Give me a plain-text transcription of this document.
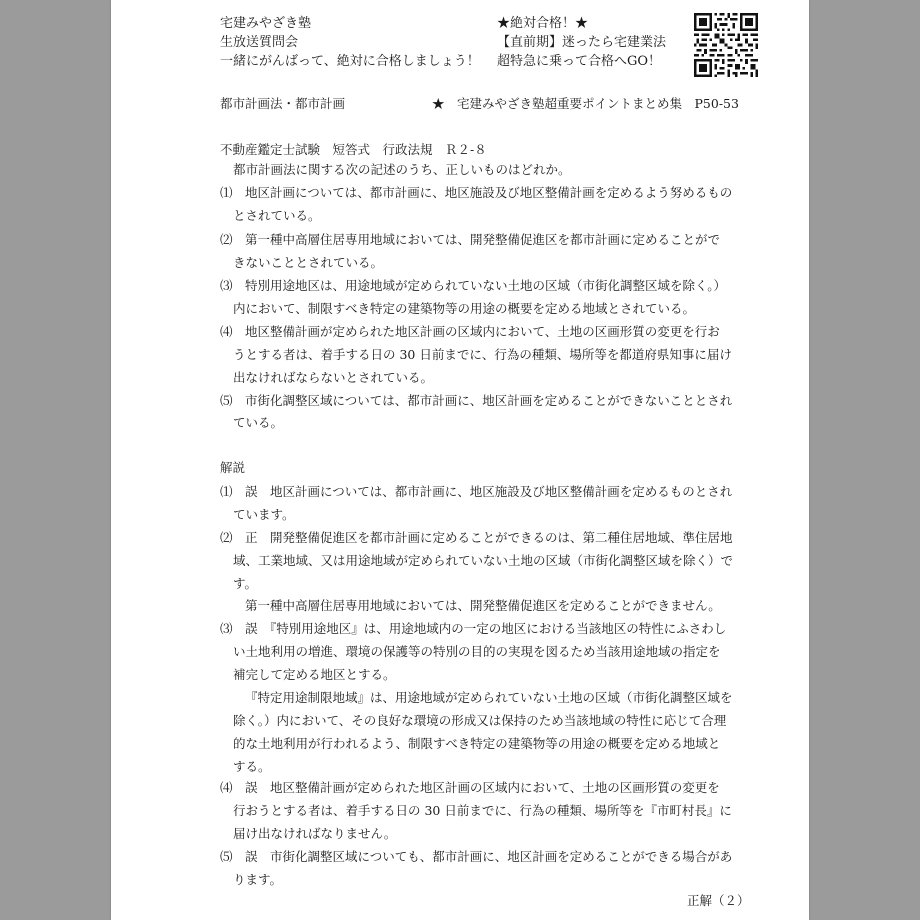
宅建みやざき塾
生放送質問会
一緒にがんばって、絶対に合格しましょう！
★絶対合格！★
【直前期】迷ったら宅建業法
超特急に乗って合格へGO！
都市計画法・都市計画	★　宅建みやざき塾超重要ポイントまとめ集　P50-53
不動産鑑定士試験　短答式　行政法規　Ｒ２-８
都市計画法に関する次の記述のうち、正しいものはどれか。
⑴ 地区計画については、都市計画に、地区施設及び地区整備計画を定めるよう努めるもの
とされている。
⑵ 第一種中高層住居専用地域においては、開発整備促進区を都市計画に定めることがで
きないこととされている。
⑶ 特別用途地区は、用途地域が定められていない土地の区域（市街化調整区域を除く。）
内において、制限すべき特定の建築物等の用途の概要を定める地域とされている。
⑷ 地区整備計画が定められた地区計画の区域内において、土地の区画形質の変更を行お
うとする者は、着手する日の 30 日前までに、行為の種類、場所等を都道府県知事に届け
出なければならないとされている。
⑸ 市街化調整区域については、都市計画に、地区計画を定めることができないこととされ
ている。
解説
⑴ 誤　地区計画については、都市計画に、地区施設及び地区整備計画を定めるものとされ
ています。
⑵ 正　開発整備促進区を都市計画に定めることができるのは、第二種住居地域、準住居地
域、工業地域、又は用途地域が定められていない土地の区域（市街化調整区域を除く）で
す。
第一種中高層住居専用地域においては、開発整備促進区を定めることができません。
⑶ 誤　『特別用途地区』は、用途地域内の一定の地区における当該地区の特性にふさわし
い土地利用の増進、環境の保護等の特別の目的の実現を図るため当該用途地域の指定を
補完して定める地区とする。
『特定用途制限地域』は、用途地域が定められていない土地の区域（市街化調整区域を
除く。）内において、その良好な環境の形成又は保持のため当該地域の特性に応じて合理
的な土地利用が行われるよう、制限すべき特定の建築物等の用途の概要を定める地域と
する。
⑷ 誤　地区整備計画が定められた地区計画の区域内において、土地の区画形質の変更を
行おうとする者は、着手する日の 30 日前までに、行為の種類、場所等を『市町村長』に
届け出なければなりません。
⑸ 誤　市街化調整区域についても、都市計画に、地区計画を定めることができる場合があ
ります。
正解（２）
